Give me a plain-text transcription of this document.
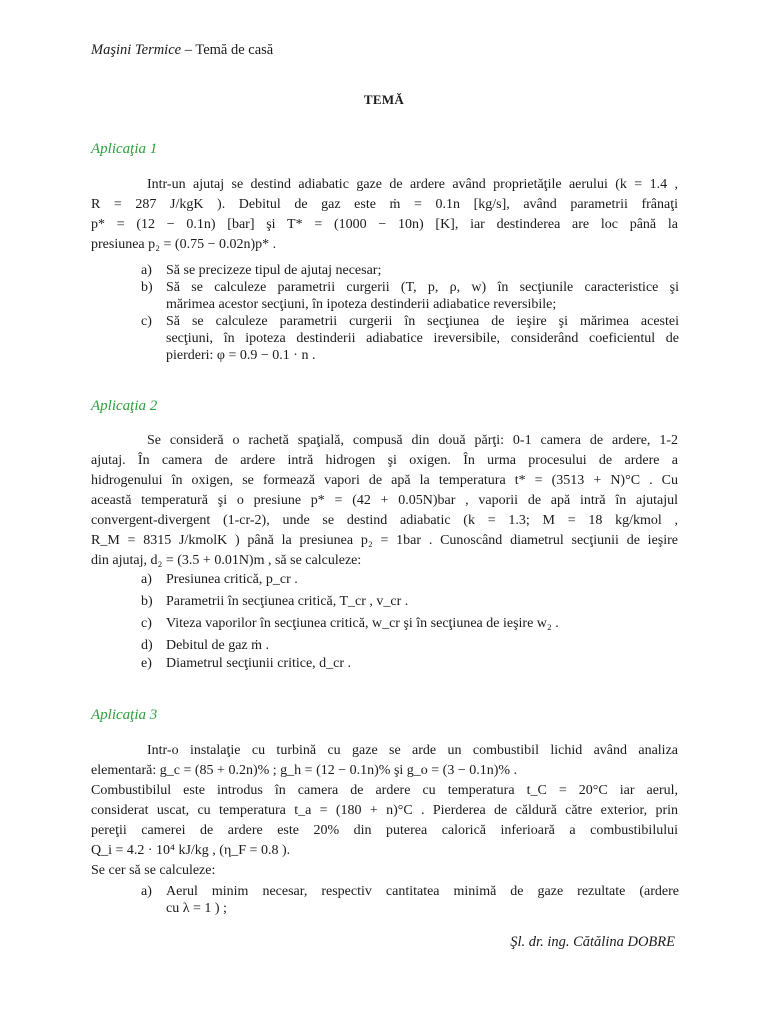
Maşini Termice – Temă de casă
TEMĂ
Aplicaţia 1
Intr-un ajutaj se destind adiabatic gaze de ardere având proprietăţile aerului (k = 1.4 ,
R = 287 J/kgK ). Debitul de gaz este ṁ = 0.1n [kg/s], având parametrii frânaţi
p* = (12 − 0.1n) [bar] şi T* = (1000 − 10n) [K], iar destinderea are loc până la
presiunea p₂ = (0.75 − 0.02n)p* .
a) Să se precizeze tipul de ajutaj necesar;
b) Să se calculeze parametrii curgerii (T, p, ρ, w) în secţiunile caracteristice şi
mărimea acestor secţiuni, în ipoteza destinderii adiabatice reversibile;
c) Să se calculeze parametrii curgerii în secţiunea de ieşire şi mărimea acestei
secţiuni, în ipoteza destinderii adiabatice ireversibile, considerând coeficientul de
pierderi: φ = 0.9 − 0.1 · n .
Aplicaţia 2
Se consideră o rachetă spaţială, compusă din două părţi: 0-1 camera de ardere, 1-2
ajutaj. În camera de ardere intră hidrogen şi oxigen. În urma procesului de ardere a
hidrogenului în oxigen, se formează vapori de apă la temperatura t* = (3513 + N)°C . Cu
această temperatură şi o presiune p* = (42 + 0.05N)bar , vaporii de apă intră în ajutajul
convergent-divergent (1-cr-2), unde se destind adiabatic (k = 1.3; M = 18 kg/kmol ,
R_M = 8315 J/kmolK ) până la presiunea p₂ = 1bar . Cunoscând diametrul secţiunii de ieşire
din ajutaj, d₂ = (3.5 + 0.01N)m , să se calculeze:
a) Presiunea critică, p_cr .
b) Parametrii în secţiunea critică, T_cr , v_cr .
c) Viteza vaporilor în secţiunea critică, w_cr şi în secţiunea de ieşire w₂ .
d) Debitul de gaz ṁ .
e) Diametrul secţiunii critice, d_cr .
Aplicaţia 3
Intr-o instalaţie cu turbină cu gaze se arde un combustibil lichid având analiza
elementară: g_c = (85 + 0.2n)% ; g_h = (12 − 0.1n)% şi g_o = (3 − 0.1n)% .
Combustibilul este introdus în camera de ardere cu temperatura t_C = 20°C iar aerul,
considerat uscat, cu temperatura t_a = (180 + n)°C . Pierderea de căldură către exterior, prin
pereţii camerei de ardere este 20% din puterea calorică inferioară a combustibilului
Q_i = 4.2 · 10⁴ kJ/kg , (η_F = 0.8 ).
Se cer să se calculeze:
a) Aerul minim necesar, respectiv cantitatea minimă de gaze rezultate (ardere
cu λ = 1 ) ;
Şl. dr. ing. Cătălina DOBRE
